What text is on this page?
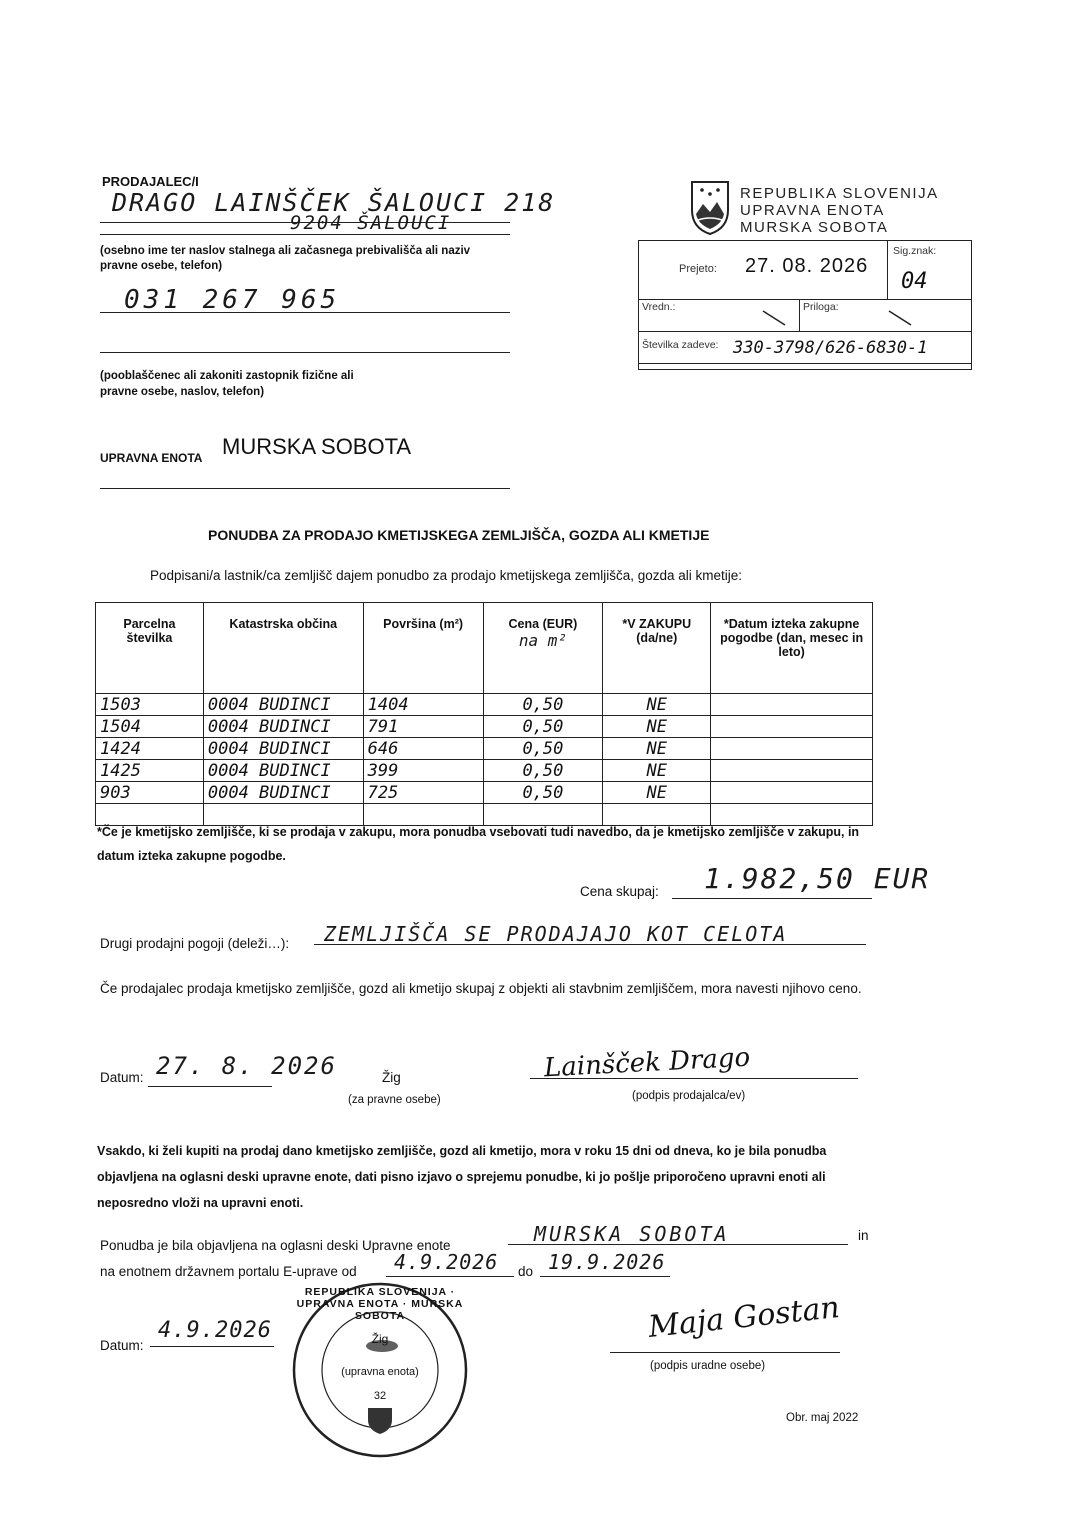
PRODAJALEC/I
DRAGO LAINŠČEK ŠALOUCI 218
9204 ŠALOUCI
(osebno ime ter naslov stalnega ali začasnega prebivališča ali naziv pravne osebe, telefon)
031 267 965
(pooblaščenec ali zakoniti zastopnik fizične ali pravne osebe, naslov, telefon)
UPRAVNA ENOTA MURSKA SOBOTA
REPUBLIKA SLOVENIJA
UPRAVNA ENOTA
MURSKA SOBOTA
Prejeto: 27. 08. 2026
Sig.znak:
04
Vredn.:	Priloga:
Številka zadeve: 330-3798/626-6830-1
PONUDBA ZA PRODAJO KMETIJSKEGA ZEMLJIŠČA, GOZDA ALI KMETIJE
Podpisani/a lastnik/ca zemljišč dajem ponudbo za prodajo kmetijskega zemljišča, gozda ali kmetije:
Parcelna številka	Katastrska občina	Površina (m²)	Cena (EUR)
na m²	*V ZAKUPU (da/ne)	*Datum izteka zakupne pogodbe (dan, mesec in leto)
1503	0004 BUDINCI	1404	0,50	NE	
1504	0004 BUDINCI	791	0,50	NE	
1424	0004 BUDINCI	646	0,50	NE	
1425	0004 BUDINCI	399	0,50	NE	
903	0004 BUDINCI	725	0,50	NE	

*Če je kmetijsko zemljišče, ki se prodaja v zakupu, mora ponudba vsebovati tudi navedbo, da je kmetijsko zemljišče v zakupu, in datum izteka zakupne pogodbe.
Cena skupaj: 1.982,50 EUR
Drugi prodajni pogoji (deleži…): ZEMLJIŠČA SE PRODAJAJO KOT CELOTA
Če prodajalec prodaja kmetijsko zemljišče, gozd ali kmetijo skupaj z objekti ali stavbnim zemljiščem, mora navesti njihovo ceno.
Datum: 27. 8. 2026	Žig
(za pravne osebe)
Lainšček Drago
(podpis prodajalca/ev)
Vsakdo, ki želi kupiti na prodaj dano kmetijsko zemljišče, gozd ali kmetijo, mora v roku 15 dni od dneva, ko je bila ponudba objavljena na oglasni deski upravne enote, dati pisno izjavo o sprejemu ponudbe, ki jo pošlje priporočeno upravni enoti ali neposredno vloži na upravni enoti.
Ponudba je bila objavljena na oglasni deski Upravne enote	MURSKA SOBOTA	in
na enotnem državnem portalu E-uprave od 4.9.2026 do 19.9.2026
Datum:
4.9.2026
REPUBLIKA SLOVENIJA · UPRAVNA ENOTA · MURSKA SOBOTA
Žig
(upravna enota)
32
Maja Gostan
(podpis uradne osebe)
Obr. maj 2022
